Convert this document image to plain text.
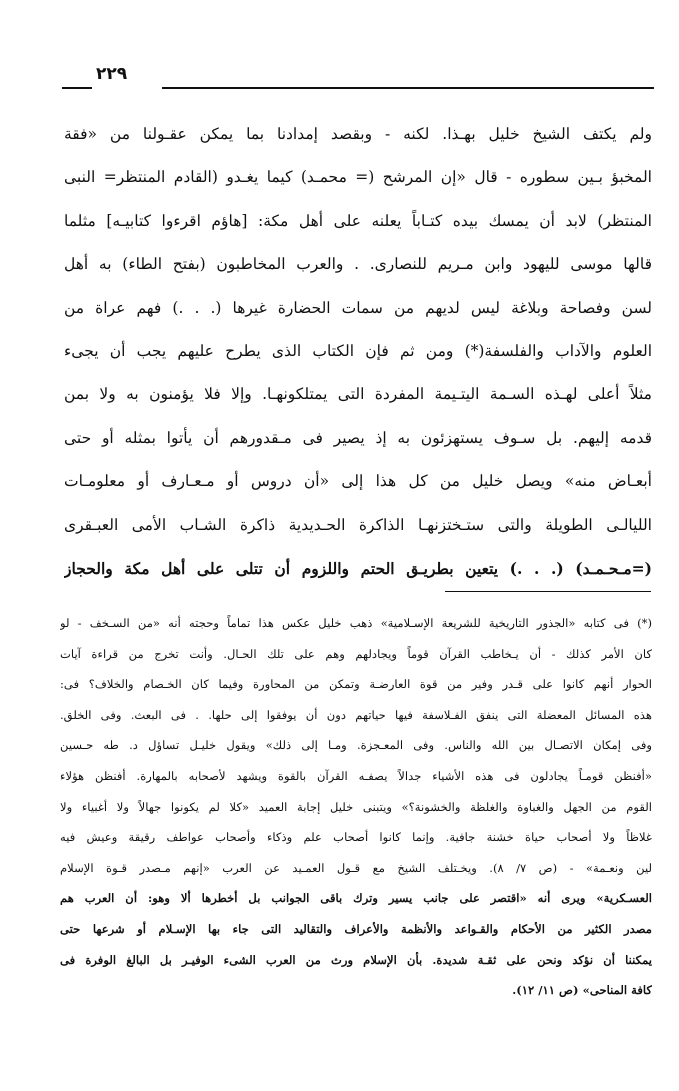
٢٢٩
ولم يكتف الشيخ خليل بهـذا. لكنه - وبقصد إمدادنا بما يمكن عقـولنا من «فقة
المخبؤ بـين سطوره - قال «إن المرشح (= محمـد) كيما يغـدو (القادم المنتظر= النبى
المنتظر) لابد أن يمسك بيده كتـاباً يعلنه على أهل مكة: [هاؤم اقرءوا كتابيـه] مثلما
قالها موسى لليهود وابن مـريم للنصارى. . والعرب المخاطبون (بفتح الطاء) به أهل
لسن وفصاحة وبلاغة ليس لديهم من سمات الحضارة غيرها (. . .) فهم عراة من
العلوم والآداب والفلسفة(*) ومن ثم فإن الكتاب الذى يطرح عليهم يجب أن يجىء
مثلاً أعلى لهـذه السـمة اليتـيمة المفردة التى يمتلكونهـا. وإلا فلا يؤمنون به ولا بمن
قدمه إليهم. بل سـوف يستهزئون به إذ يصير فى مـقدورهم أن يأتوا بمثله أو حتى
أبعـاض منه» ويصل خليل من كل هذا إلى «أن دروس أو مـعـارف أو معلومـات
الليالـى الطويلة والتى ستـختزنهـا الذاكرة الحـديدية ذاكرة الشـاب الأمى العبـقرى
(=مـحـمـد) (. . .) يتعين بطريـق الحتم واللزوم أن تتلى على أهل مكة والحجاز
(*) فى كتابه «الجذور التاريخية للشريعة الإسـلامية» ذهب خليل عكس هذا تماماً وحجته أنه «من السـخف - لو
كان الأمر كذلك - أن يـخاطب القرآن قوماً ويجادلهم وهم على تلك الحـال. وأنت تخرج من قراءة آيات
الحوار أنهم كانوا على قـدر وفير من قوة العارضـة وتمكن من المحاورة وفيما كان الخـصام والخلاف؟ فى:
هذه المسائل المعضلة التى ينفق الفـلاسفة فيها حياتهم دون أن يوفقوا إلى حلها. . فى البعث. وفى الخلق.
وفى إمكان الاتصـال بين الله والناس. وفى المعـجزة. ومـا إلى ذلك» ويقول خليـل تساؤل د. طه حـسين
«أفنظن قومـاً يجادلون فى هذه الأشياء جدالاً يصفـه القرآن بالقوة ويشهد لأصحابه بالمهارة. أفنظن هؤلاء
القوم من الجهل والغباوة والغلظة والخشونة؟» ويتبنى خليل إجابة العميد «كلا لم يكونوا جهالاً ولا أغبياء ولا
غلاظاً ولا أصحاب حياة خشنة جافية. وإنما كانوا أصحاب علم وذكاء وأصحاب عواطف رقيقة وعيش فيه
لين ونعـمة» - (ص ٧/ ٨). ويخـتلف الشيخ مع قـول العمـيد عن العرب «إنهم مـصدر قـوة الإسلام
العسـكرية» ويرى أنه «اقتصر على جانب يسير وترك باقى الجوانب بل أخطرها ألا وهو: أن العرب هم
مصدر الكثير من الأحكام والقـواعد والأنظمة والأعراف والتقاليد التى جاء بها الإسـلام أو شرعها حتى
يمكننا أن نؤكد ونحن على ثقـة شديدة. بأن الإسلام ورث من العرب الشىء الوفيـر بل البالغ الوفرة فى
كافة المناحى» (ص ١١/ ١٢).
